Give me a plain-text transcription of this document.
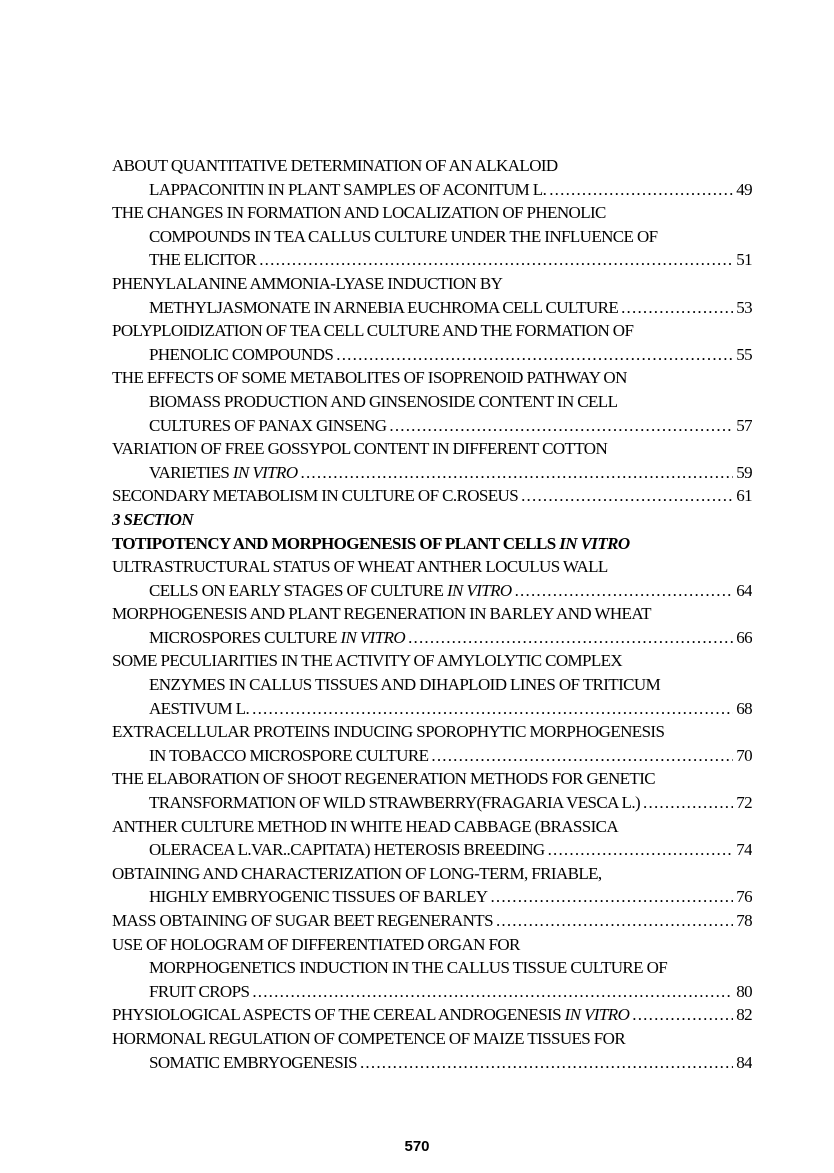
ABOUT QUANTITATIVE DETERMINATION OF AN ALKALOID
LAPPACONITIN IN PLANT SAMPLES OF ACONITUM L. .....	49
THE CHANGES IN FORMATION AND LOCALIZATION OF PHENOLIC
COMPOUNDS IN TEA CALLUS CULTURE UNDER THE INFLUENCE OF
THE ELICITOR .....	51
PHENYLALANINE AMMONIA-LYASE INDUCTION BY
METHYLJASMONATE IN ARNEBIA EUCHROMA CELL CULTURE .....	53
POLYPLOIDIZATION OF TEA CELL CULTURE AND THE FORMATION OF
PHENOLIC COMPOUNDS .....	55
THE EFFECTS OF SOME METABOLITES OF ISOPRENOID PATHWAY ON
BIOMASS PRODUCTION AND GINSENOSIDE CONTENT IN CELL
CULTURES OF PANAX GINSENG .....	57
VARIATION OF FREE GOSSYPOL CONTENT IN DIFFERENT COTTON
VARIETIES IN VITRO .....	59
SECONDARY METABOLISM IN CULTURE OF C.ROSEUS .....	61
3 SECTION
TOTIPOTENCY AND MORPHOGENESIS OF PLANT CELLS IN VITRO
ULTRASTRUCTURAL STATUS OF WHEAT ANTHER LOCULUS WALL
CELLS ON EARLY STAGES OF CULTURE IN VITRO .....	64
MORPHOGENESIS AND PLANT REGENERATION IN BARLEY AND WHEAT
MICROSPORES CULTURE IN VITRO .....	66
SOME PECULIARITIES IN THE ACTIVITY OF AMYLOLYTIC COMPLEX
ENZYMES IN CALLUS TISSUES AND DIHAPLOID LINES OF TRITICUM
AESTIVUM L. .....	68
EXTRACELLULAR PROTEINS INDUCING SPOROPHYTIC MORPHOGENESIS
IN TOBACCO MICROSPORE CULTURE .....	70
THE ELABORATION OF SHOOT REGENERATION METHODS FOR GENETIC
TRANSFORMATION OF WILD STRAWBERRY(FRAGARIA VESCA L.) .....	72
ANTHER CULTURE METHOD IN WHITE HEAD CABBAGE (BRASSICA
OLERACEA L.VAR..CAPITATA) HETEROSIS BREEDING .....	74
OBTAINING AND CHARACTERIZATION OF LONG-TERM, FRIABLE,
HIGHLY EMBRYOGENIC TISSUES OF BARLEY .....	76
MASS OBTAINING OF SUGAR BEET REGENERANTS .....	78
USE OF HOLOGRAM OF DIFFERENTIATED ORGAN FOR
MORPHOGENETICS INDUCTION IN THE CALLUS TISSUE CULTURE OF
FRUIT CROPS .....	80
PHYSIOLOGICAL ASPECTS OF THE CEREAL ANDROGENESIS IN VITRO .....	82
HORMONAL REGULATION OF COMPETENCE OF MAIZE TISSUES FOR
SOMATIC EMBRYOGENESIS .....	84
570
